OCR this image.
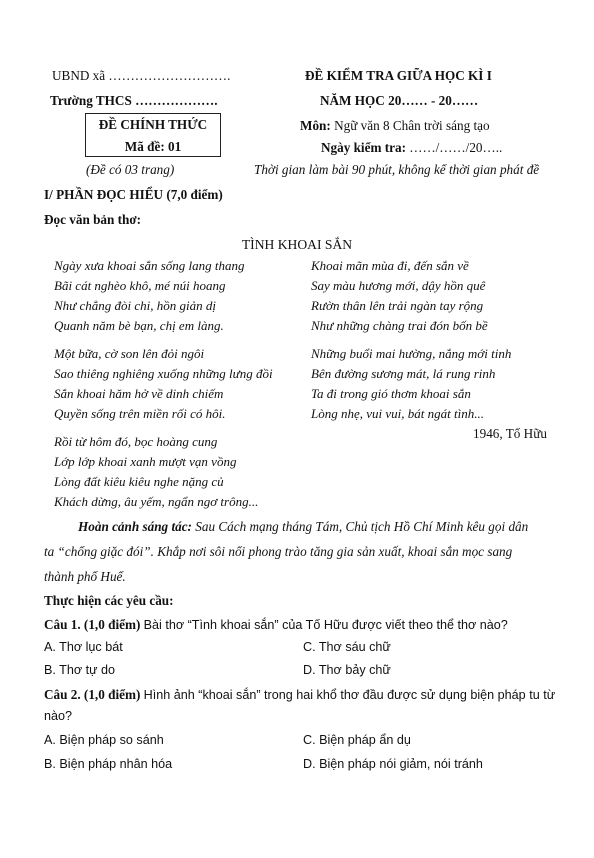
UBND xã ……………………….
Trường THCS ……………….
ĐỀ CHÍNH THỨC
Mã đề: 01
(Đề có 03 trang)
ĐỀ KIỂM TRA GIỮA HỌC KÌ I
NĂM HỌC 20…… - 20……
Môn: Ngữ văn 8 Chân trời sáng tạo
Ngày kiểm tra: ……/……/20…..
Thời gian làm bài 90 phút, không kể thời gian phát đề
I/ PHẦN ĐỌC HIỂU (7,0 điểm)
Đọc văn bản thơ:
TÌNH KHOAI SẮN
Ngày xưa khoai sắn sống lang thang
Bãi cát nghèo khô, mé núi hoang
Như chẳng đòi chi, hồn giản dị
Quanh năm bè bạn, chị em làng.
Một bữa, cờ son lên đỏi ngôi
Sao thiêng nghiêng xuống những lưng đồi
Sắn khoai hăm hở về dinh chiếm
Quyền sống trên miền rối có hôi.
Rồi từ hôm đó, bọc hoàng cung
Lớp lớp khoai xanh mượt vạn vồng
Lòng đất kiêu kiêu nghe nặng củ
Khách dừng, âu yếm, ngẩn ngơ trông...
Khoai mãn mùa đi, đến sắn về
Say màu hương mới, dậy hồn quê
Rườn thân lên trải ngàn tay rộng
Như những chàng trai đón bốn bề
Những buổi mai hường, nắng mới tinh
Bên đường sương mát, lá rung rinh
Ta đi trong gió thơm khoai sắn
Lòng nhẹ, vui vui, bát ngát tình...
1946, Tố Hữu
Hoàn cảnh sáng tác: Sau Cách mạng tháng Tám, Chủ tịch Hồ Chí Minh kêu gọi dân
ta “chống giặc đói”. Khắp nơi sôi nổi phong trào tăng gia sản xuất, khoai sắn mọc sang
thành phố Huế.
Thực hiện các yêu cầu:
Câu 1. (1,0 điểm) Bài thơ “Tình khoai sắn” của Tố Hữu được viết theo thể thơ nào?
A. Thơ lục bát	C. Thơ sáu chữ
B. Thơ tự do	D. Thơ bảy chữ
Câu 2. (1,0 điểm) Hình ảnh “khoai sắn” trong hai khổ thơ đầu được sử dụng biện pháp tu từ
nào?
A. Biện pháp so sánh	C. Biện pháp ẩn dụ
B. Biện pháp nhân hóa	D. Biện pháp nói giảm, nói tránh
